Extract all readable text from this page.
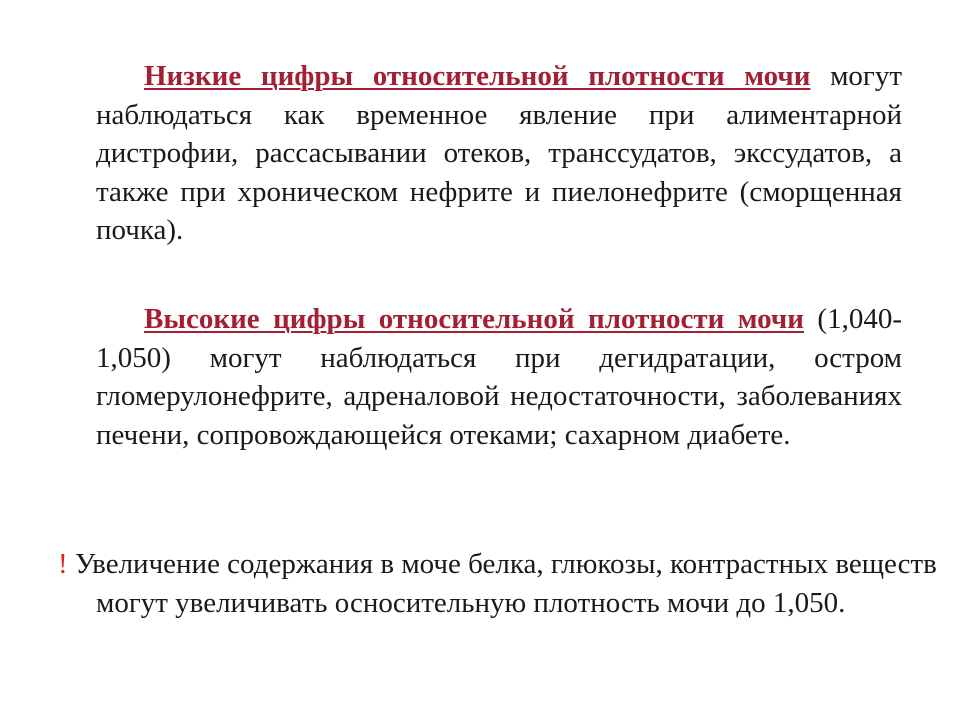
Низкие цифры относительной плотности мочи могут наблюдаться как временное явление при алиментарной дистрофии, рассасывании отеков, транссудатов, экссудатов, а также при хроническом нефрите и пиелонефрите (сморщенная почка).
Высокие цифры относительной плотности мочи (1,040-1,050) могут наблюдаться при дегидратации, остром гломерулонефрите, адреналовой недостаточности, заболеваниях печени, сопровождающейся отеками; сахарном диабете.
! Увеличение содержания в моче белка, глюкозы, контрастных веществ могут увеличивать осноcительную плотность мочи до 1,050.
